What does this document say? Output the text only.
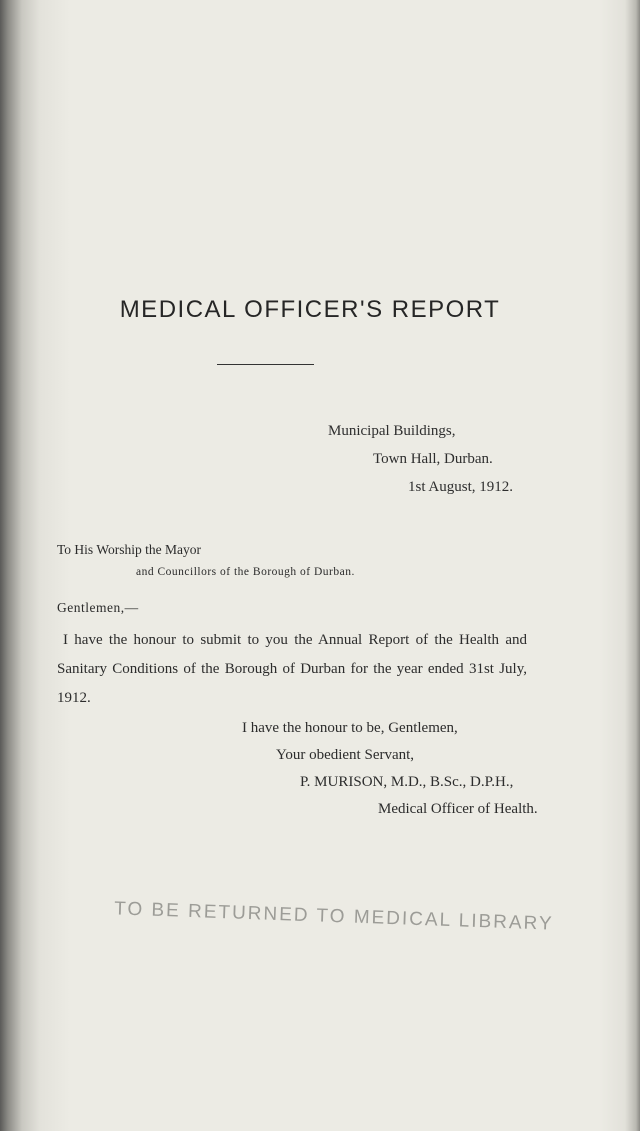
MEDICAL OFFICER'S REPORT
Municipal Buildings,
Town Hall, Durban.
1st August, 1912.
To His Worship the Mayor
and Councillors of the Borough of Durban.
Gentlemen,—
I have the honour to submit to you the Annual Report of the Health and Sanitary Conditions of the Borough of Durban for the year ended 31st July, 1912.
I have the honour to be, Gentlemen,
Your obedient Servant,
P. MURISON, M.D., B.Sc., D.P.H.,
Medical Officer of Health.
TO BE RETURNED TO MEDICAL LIBRARY
